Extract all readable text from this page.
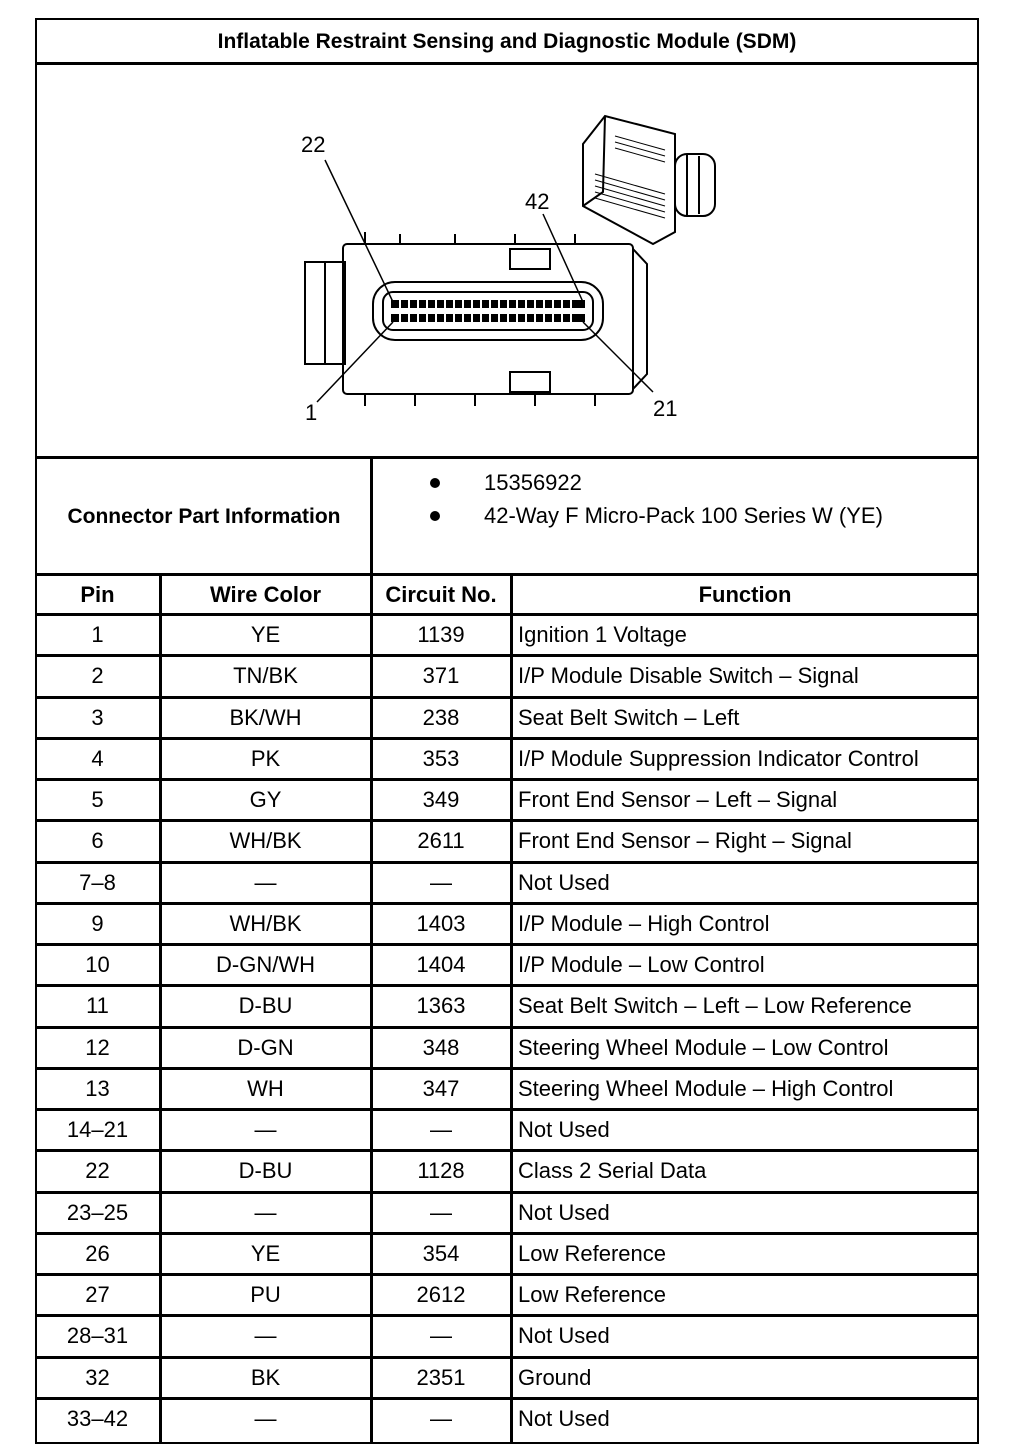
Inflatable Restraint Sensing and Diagnostic Module (SDM)
22
42
1	21
Connector Part Information
15356922
42-Way F Micro-Pack 100 Series W (YE)
Pin	Wire Color	Circuit No.	Function
1	YE	1139	Ignition 1 Voltage
2	TN/BK	371	I/P Module Disable Switch – Signal
3	BK/WH	238	Seat Belt Switch – Left
4	PK	353	I/P Module Suppression Indicator Control
5	GY	349	Front End Sensor – Left – Signal
6	WH/BK	2611	Front End Sensor – Right – Signal
7–8	—	—	Not Used
9	WH/BK	1403	I/P Module – High Control
10	D-GN/WH	1404	I/P Module – Low Control
11	D-BU	1363	Seat Belt Switch – Left – Low Reference
12	D-GN	348	Steering Wheel Module – Low Control
13	WH	347	Steering Wheel Module – High Control
14–21	—	—	Not Used
22	D-BU	1128	Class 2 Serial Data
23–25	—	—	Not Used
26	YE	354	Low Reference
27	PU	2612	Low Reference
28–31	—	—	Not Used
32	BK	2351	Ground
33–42	—	—	Not Used
